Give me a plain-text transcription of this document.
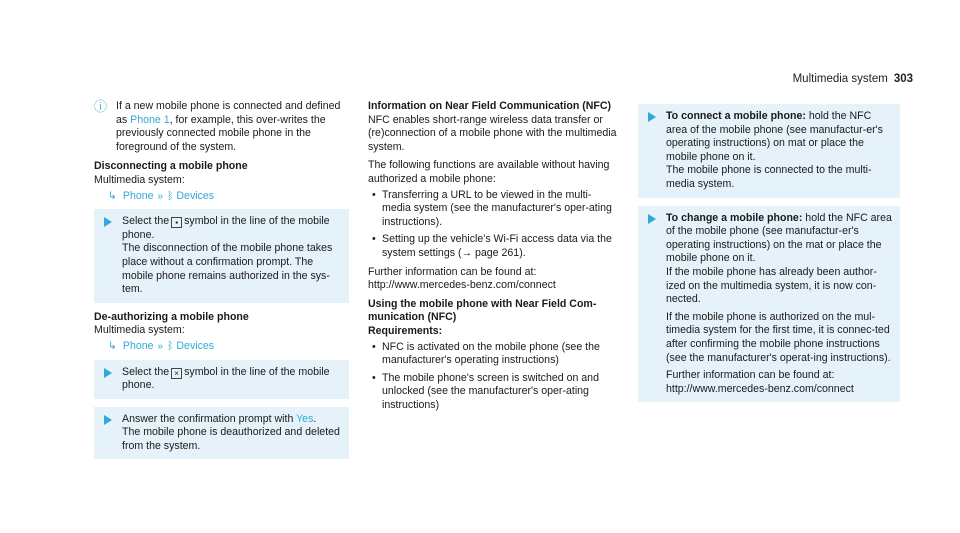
Multimedia system 303
ⓘ If a new mobile phone is connected and defined as Phone 1, for example, this over-writes the previously connected mobile phone in the foreground of the system.
Disconnecting a mobile phone
Multimedia system:
↳ Phone » ᛒ Devices
Select the ▪ symbol in the line of the mobile phone.
The disconnection of the mobile phone takes place without a confirmation prompt. The mobile phone remains authorized in the sys-tem.
De-authorizing a mobile phone
Multimedia system:
↳ Phone » ᛒ Devices
Select the × symbol in the line of the mobile phone.
Answer the confirmation prompt with Yes.
The mobile phone is deauthorized and deleted from the system.
Information on Near Field Communication (NFC)

NFC enables short-range wireless data transfer or (re)connection of a mobile phone with the multimedia system.

The following functions are available without having authorized a mobile phone:
• Transferring a URL to be viewed in the multi-media system (see the manufacturer's oper-ating instructions).
• Setting up the vehicle's Wi-Fi access data via the system settings (→ page 261).

Further information can be found at: http://www.mercedes-benz.com/connect

Using the mobile phone with Near Field Com-munication (NFC)
Requirements:
• NFC is activated on the mobile phone (see the manufacturer's operating instructions)
• The mobile phone's screen is switched on and unlocked (see the manufacturer's oper-ating instructions)
To connect a mobile phone: hold the NFC area of the mobile phone (see manufactur-er's operating instructions) on mat or place the mobile phone on it.
The mobile phone is connected to the multi-media system.
To change a mobile phone: hold the NFC area of the mobile phone (see manufactur-er's operating instructions) on the mat or place the mobile phone on it.
If the mobile phone has already been author-ized on the multimedia system, it is now con-nected.
If the mobile phone is authorized on the mul-timedia system for the first time, it is connec-ted after confirming the mobile phone instructions (see the manufacturer's operat-ing instructions).
Further information can be found at: http://www.mercedes-benz.com/connect
